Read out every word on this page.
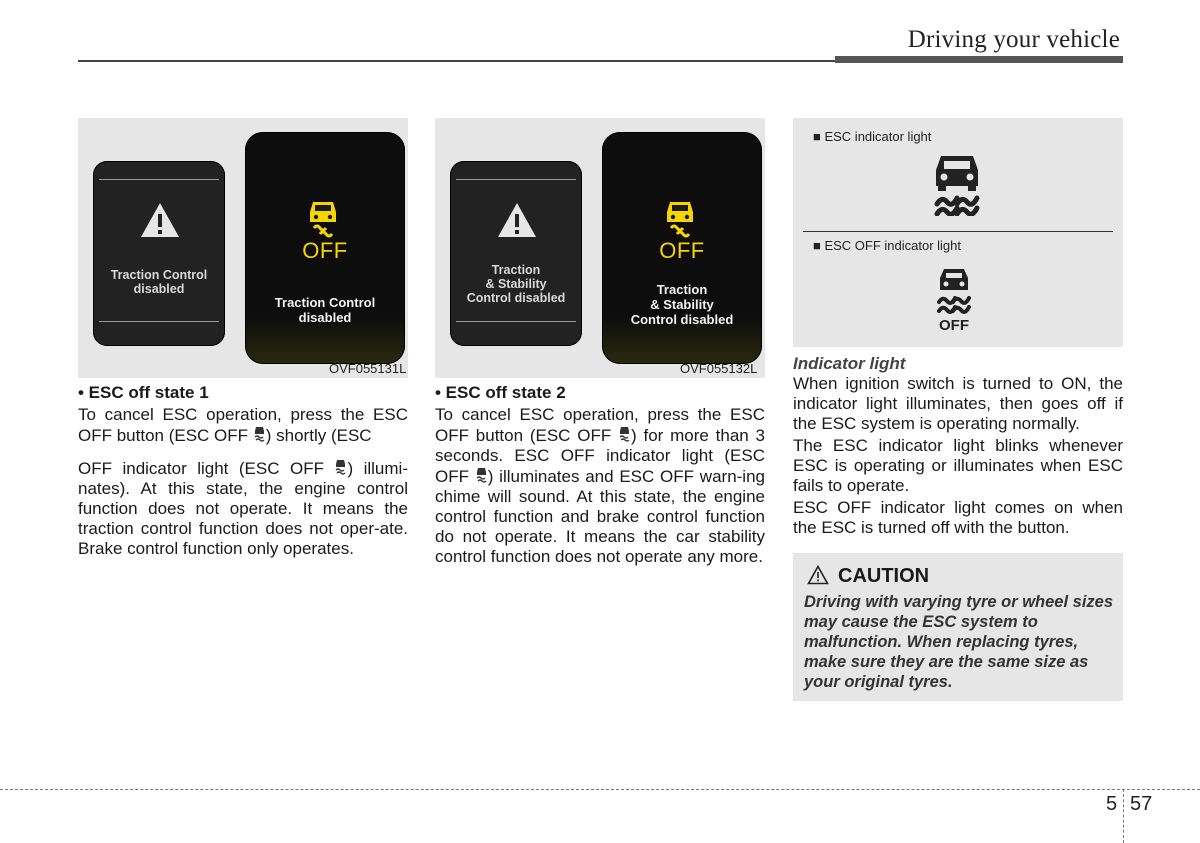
Driving your vehicle
Traction Control
disabled
OFF
Traction Control
disabled
OVF055131L
Traction
& Stability
Control disabled
OFF
Traction
& Stability
Control disabled
OVF055132L

• ESC off state 1

To cancel ESC operation, press the ESC OFF button (ESC OFF ) shortly (ESC

OFF indicator light (ESC OFF ) illumi-nates). At this state, the engine control function does not operate. It means the traction control function does not oper-ate. Brake control function only operates.

• ESC off state 2

To cancel ESC operation, press the ESC OFF button (ESC OFF ) for more than 3 seconds. ESC OFF indicator light (ESC OFF ) illuminates and ESC OFF warn-ing chime will sound. At this state, the engine control function and brake control function do not operate. It means the car stability control function does not operate any more.

■ ESC indicator light
■ ESC OFF indicator light
OFF

Indicator light

When ignition switch is turned to ON, the indicator light illuminates, then goes off if the ESC system is operating normally.

The ESC indicator light blinks whenever ESC is operating or illuminates when ESC fails to operate.

ESC OFF indicator light comes on when the ESC is turned off with the button.

CAUTION
Driving with varying tyre or wheel sizes may cause the ESC system to malfunction. When replacing tyres, make sure they are the same size as your original tyres.
5 57
